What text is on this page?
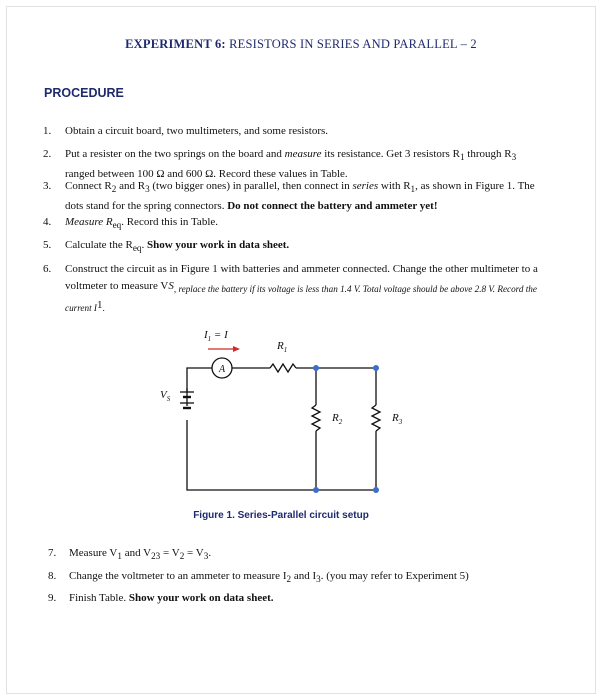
EXPERIMENT 6: RESISTORS IN SERIES AND PARALLEL – 2
PROCEDURE
1.	Obtain a circuit board, two multimeters, and some resistors.
2.	Put a resister on the two springs on the board and measure its resistance. Get 3 resistors $R_1$ through $R_3$ ranged between 100 Ω and 600 Ω. Record these values in Table.
3.	Connect $R_2$ and $R_3$ (two bigger ones) in parallel, then connect in series with $R_1$, as shown in Figure 1. The dots stand for the spring connectors. Do not connect the battery and ammeter yet!
4.	Measure $R_{eq}$. Record this in Table.
5.	Calculate the $R_{eq}$. Show your work in data sheet.
6.	Construct the circuit as in Figure 1 with batteries and ammeter connected. Change the other multimeter to a voltmeter to measure $VS_{, replace the battery if its voltage is less than 1.4 V. Total voltage should be above 2.8 V. Record the current I}1_.$
$I_1 = I$
A
$R_1$
$V_S$
$R_2$	$R_3$
Figure 1. Series-Parallel circuit setup
7. Measure $V_1$ and $V_{23} = V_2 = V_3$.
8. Change the voltmeter to an ammeter to measure $I_2$ and $I_3$. (you may refer to Experiment 5)
9. Finish Table. Show your work on data sheet.
